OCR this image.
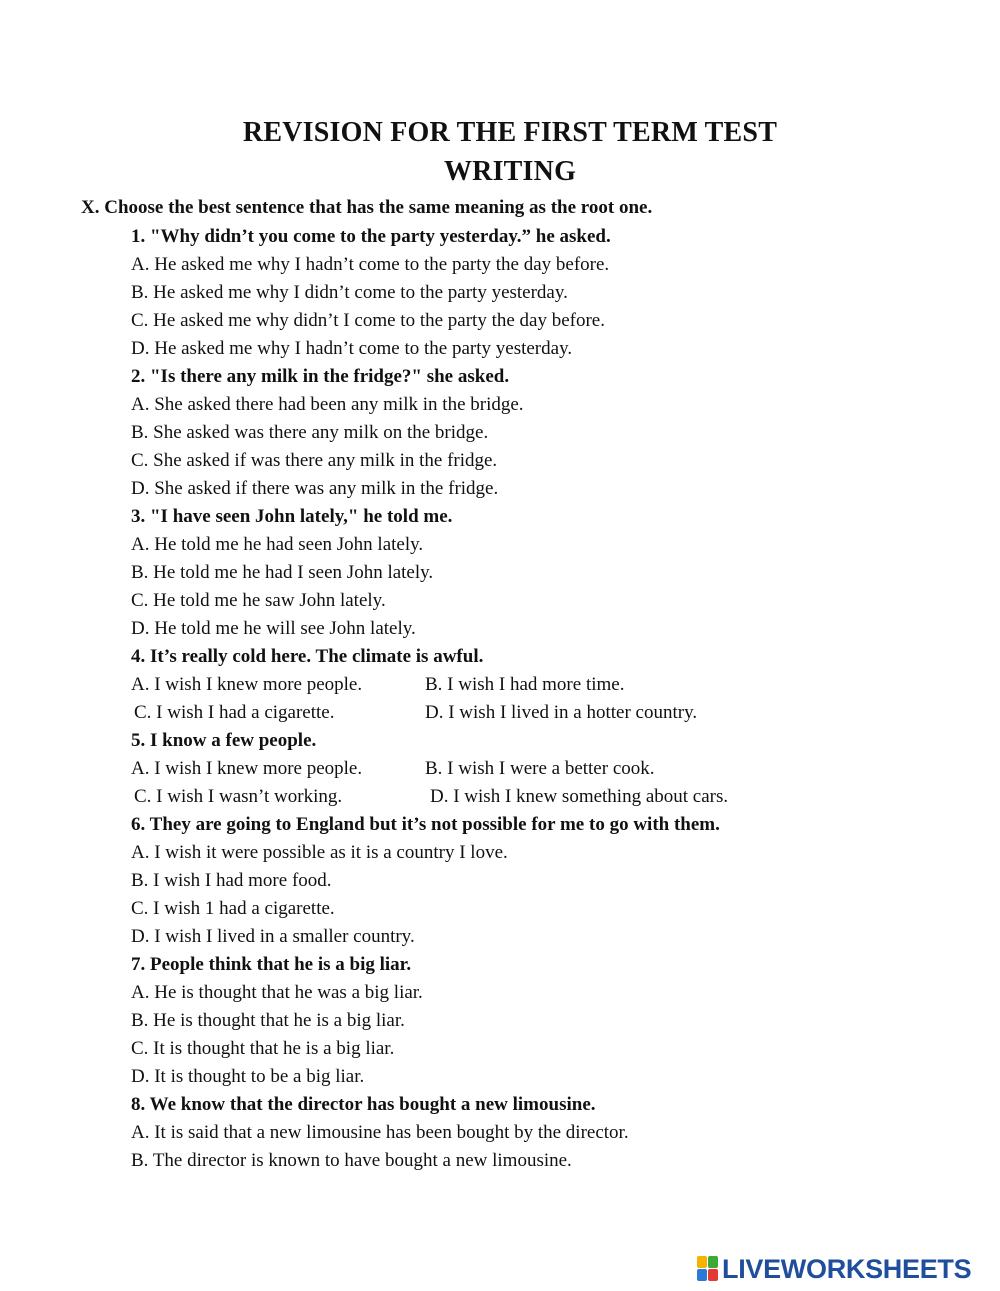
REVISION FOR THE FIRST TERM TEST
WRITING
X. Choose the best sentence that has the same meaning as the root one.
1. "Why didn’t you come to the party yesterday.” he asked.
A. He asked me why I hadn’t come to the party the day before.
B. He asked me why I didn’t come to the party yesterday.
C. He asked me why didn’t I come to the party the day before.
D. He asked me why I hadn’t come to the party yesterday.
2. "Is there any milk in the fridge?" she asked.
A. She asked there had been any milk in the bridge.
B. She asked was there any milk on the bridge.
C. She asked if was there any milk in the fridge.
D. She asked if there was any milk in the fridge.
3. "I have seen John lately," he told me.
A. He told me he had seen John lately.
B. He told me he had I seen John lately.
C. He told me he saw John lately.
D. He told me he will see John lately.
4. It’s really cold here. The climate is awful.
A. I wish I knew more people.	B. I wish I had more time.
C. I wish I had a cigarette.	D. I wish I lived in a hotter country.
5. I know a few people.
A. I wish I knew more people.	B. I wish I were a better cook.
C. I wish I wasn’t working.	D. I wish I knew something about cars.
6. They are going to England but it’s not possible for me to go with them.
A. I wish it were possible as it is a country I love.
B. I wish I had more food.
C. I wish 1 had a cigarette.
D. I wish I lived in a smaller country.
7. People think that he is a big liar.
A. He is thought that he was a big liar.
B. He is thought that he is a big liar.
C. It is thought that he is a big liar.
D. It is thought to be a big liar.
8. We know that the director has bought a new limousine.
A. It is said that a new limousine has been bought by the director.
B. The director is known to have bought a new limousine.
LIVEWORKSHEETS
